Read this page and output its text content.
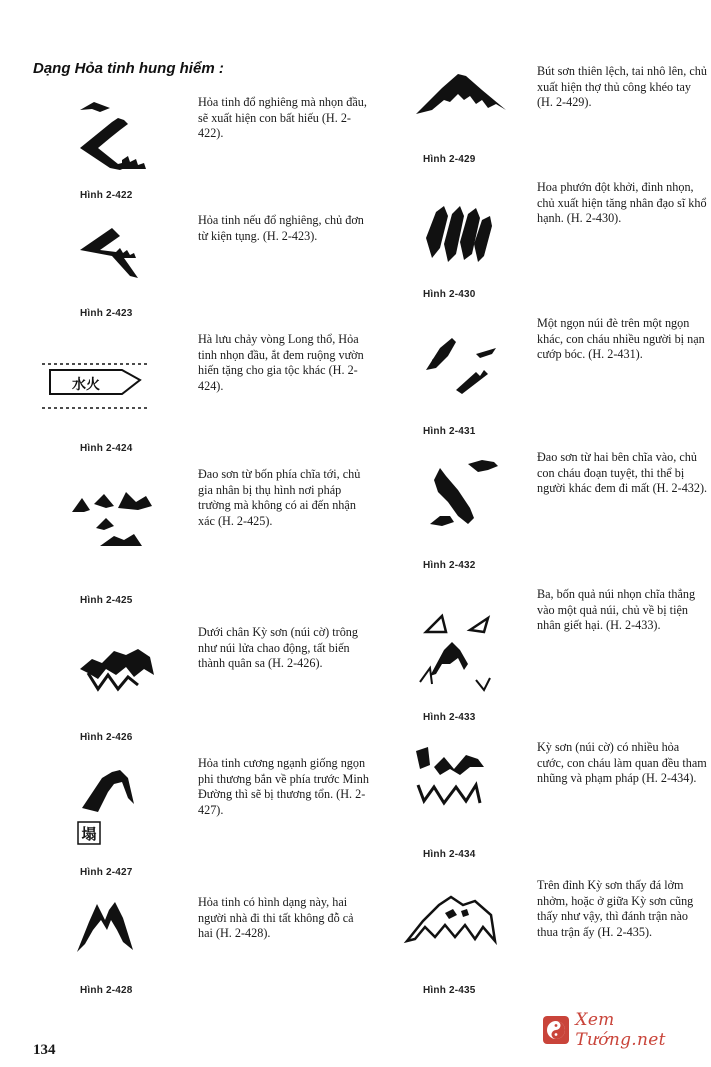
Dạng Hỏa tinh hung hiểm :
Hình 2-422
Hỏa tinh đổ nghiêng mà nhọn đầu, sẽ xuất hiện con bất hiếu (H. 2-422).
Hình 2-423
Hỏa tinh nếu đổ nghiêng, chủ đơn từ kiện tụng. (H. 2-423).
水火
Hình 2-424
Hà lưu chảy vòng Long thổ, Hỏa tinh nhọn đầu, ắt đem ruộng vườn hiến tặng cho gia tộc khác (H. 2-424).
Hình 2-425
Đao sơn từ bốn phía chĩa tới, chủ gia nhân bị thụ hình nơi pháp trường mà không có ai đến nhận xác (H. 2-425).
Hình 2-426
Dưới chân Kỳ sơn (núi cờ) trông như núi lửa chao động, tất biến thành quân sa (H. 2-426).
塌
Hình 2-427
Hỏa tinh cương ngạnh giống ngọn phi thương bắn về phía trước Minh Đường thì sẽ bị thương tổn. (H. 2-427).
Hình 2-428
Hỏa tinh có hình dạng này, hai người nhà đi thi tất không đỗ cả hai (H. 2-428).
Hình 2-429
Bút sơn thiên lệch, tai nhô lên, chủ xuất hiện thợ thủ công khéo tay (H. 2-429).
Hình 2-430
Hoa phướn đột khởi, đỉnh nhọn, chủ xuất hiện tăng nhân đạo sĩ khổ hạnh. (H. 2-430).
Hình 2-431
Một ngọn núi đè trên một ngọn khác, con cháu nhiều người bị nạn cướp bóc. (H. 2-431).
Hình 2-432
Đao sơn từ hai bên chĩa vào, chủ con cháu đoạn tuyệt, thi thể bị người khác đem đi mất (H. 2-432).
Hình 2-433
Ba, bốn quả núi nhọn chĩa thẳng vào một quả núi, chủ về bị tiện nhân giết hại. (H. 2-433).
Hình 2-434
Kỳ sơn (núi cờ) có nhiều hỏa cước, con cháu làm quan đều tham nhũng và phạm pháp (H. 2-434).
Hình 2-435
Trên đỉnh Kỳ sơn thấy đá lởm nhởm, hoặc ở giữa Kỳ sơn cũng thấy như vậy, thì đánh trận nào thua trận ấy (H. 2-435).
134
Xem Tướng.net
